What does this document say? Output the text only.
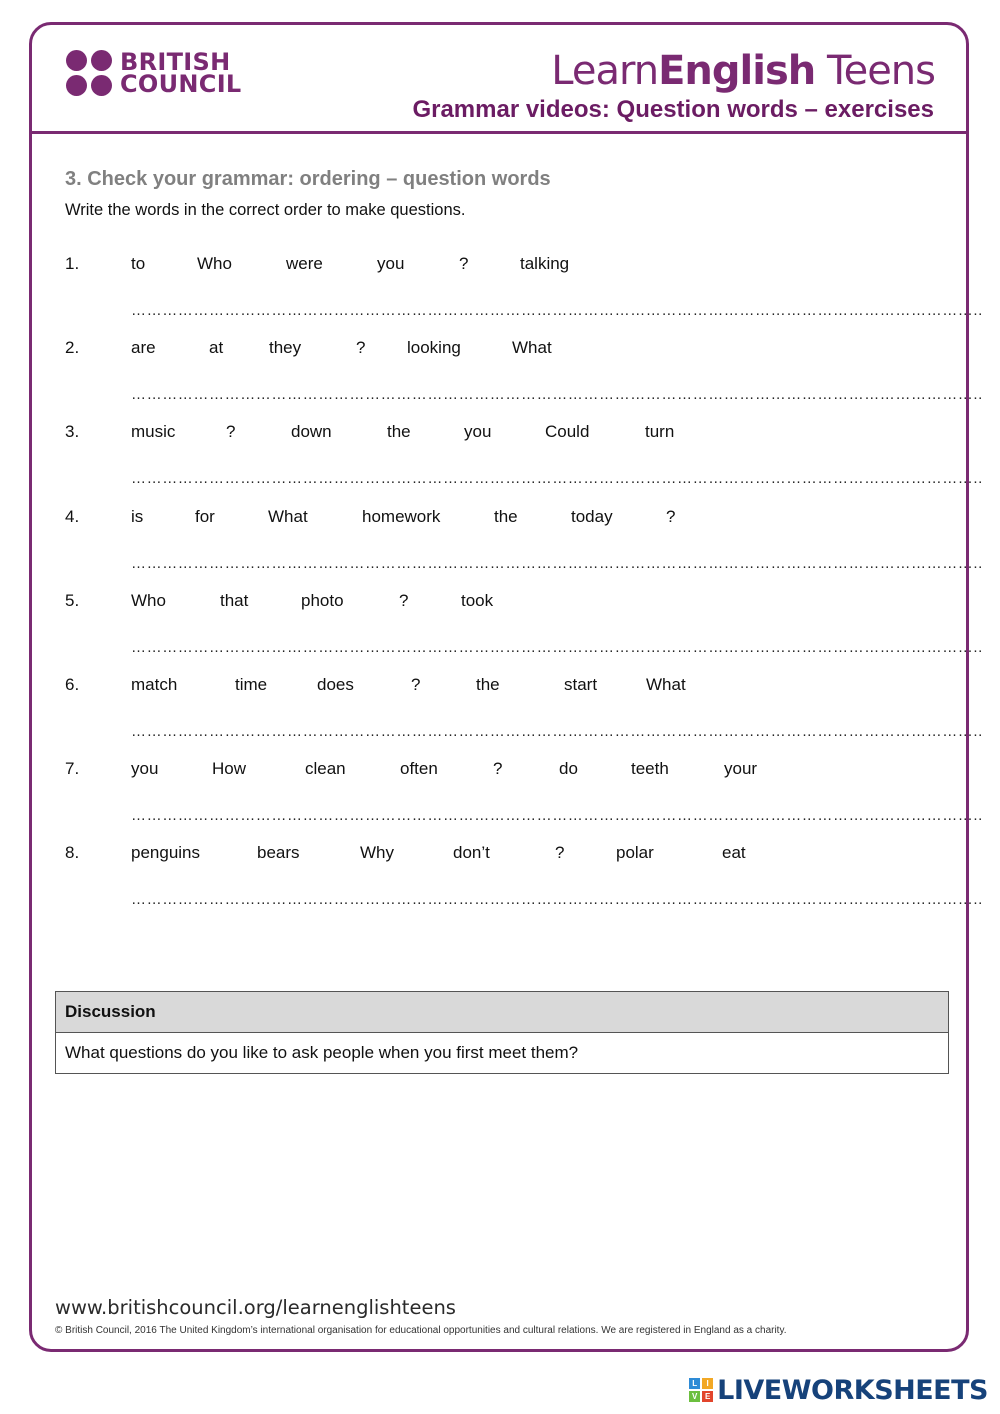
BRITISH
COUNCIL	LearnEnglish Teens
Grammar videos: Question words – exercises
3. Check your grammar: ordering – question words
Write the words in the correct order to make questions.
1.	to	Who	were	you	?	talking
………………………………………………………………………………………………………………………………………………..
2.	are	at	they	? looking	What
………………………………………………………………………………………………………………………………………………..
3.	music	?	down	the	you	Could	turn
………………………………………………………………………………………………………………………………………………..
4.	is	for	What	homework	the	today	?
………………………………………………………………………………………………………………………………………………..
5.	Who	that	photo	?	took
………………………………………………………………………………………………………………………………………………..
6.	match	time	does	?	the	start	What
………………………………………………………………………………………………………………………………………………..
7.	you	How	clean	often	?	do	teeth	your
………………………………………………………………………………………………………………………………………………..
8.	penguins	bears	Why	don’t	?	polar	eat
………………………………………………………………………………………………………………………………………………..
Discussion
What questions do you like to ask people when you first meet them?
www.britishcouncil.org/learnenglishteens
© British Council, 2016 The United Kingdom’s international organisation for educational opportunities and cultural relations. We are registered in England as a charity.
L	I
V E LIVEWORKSHEETS
